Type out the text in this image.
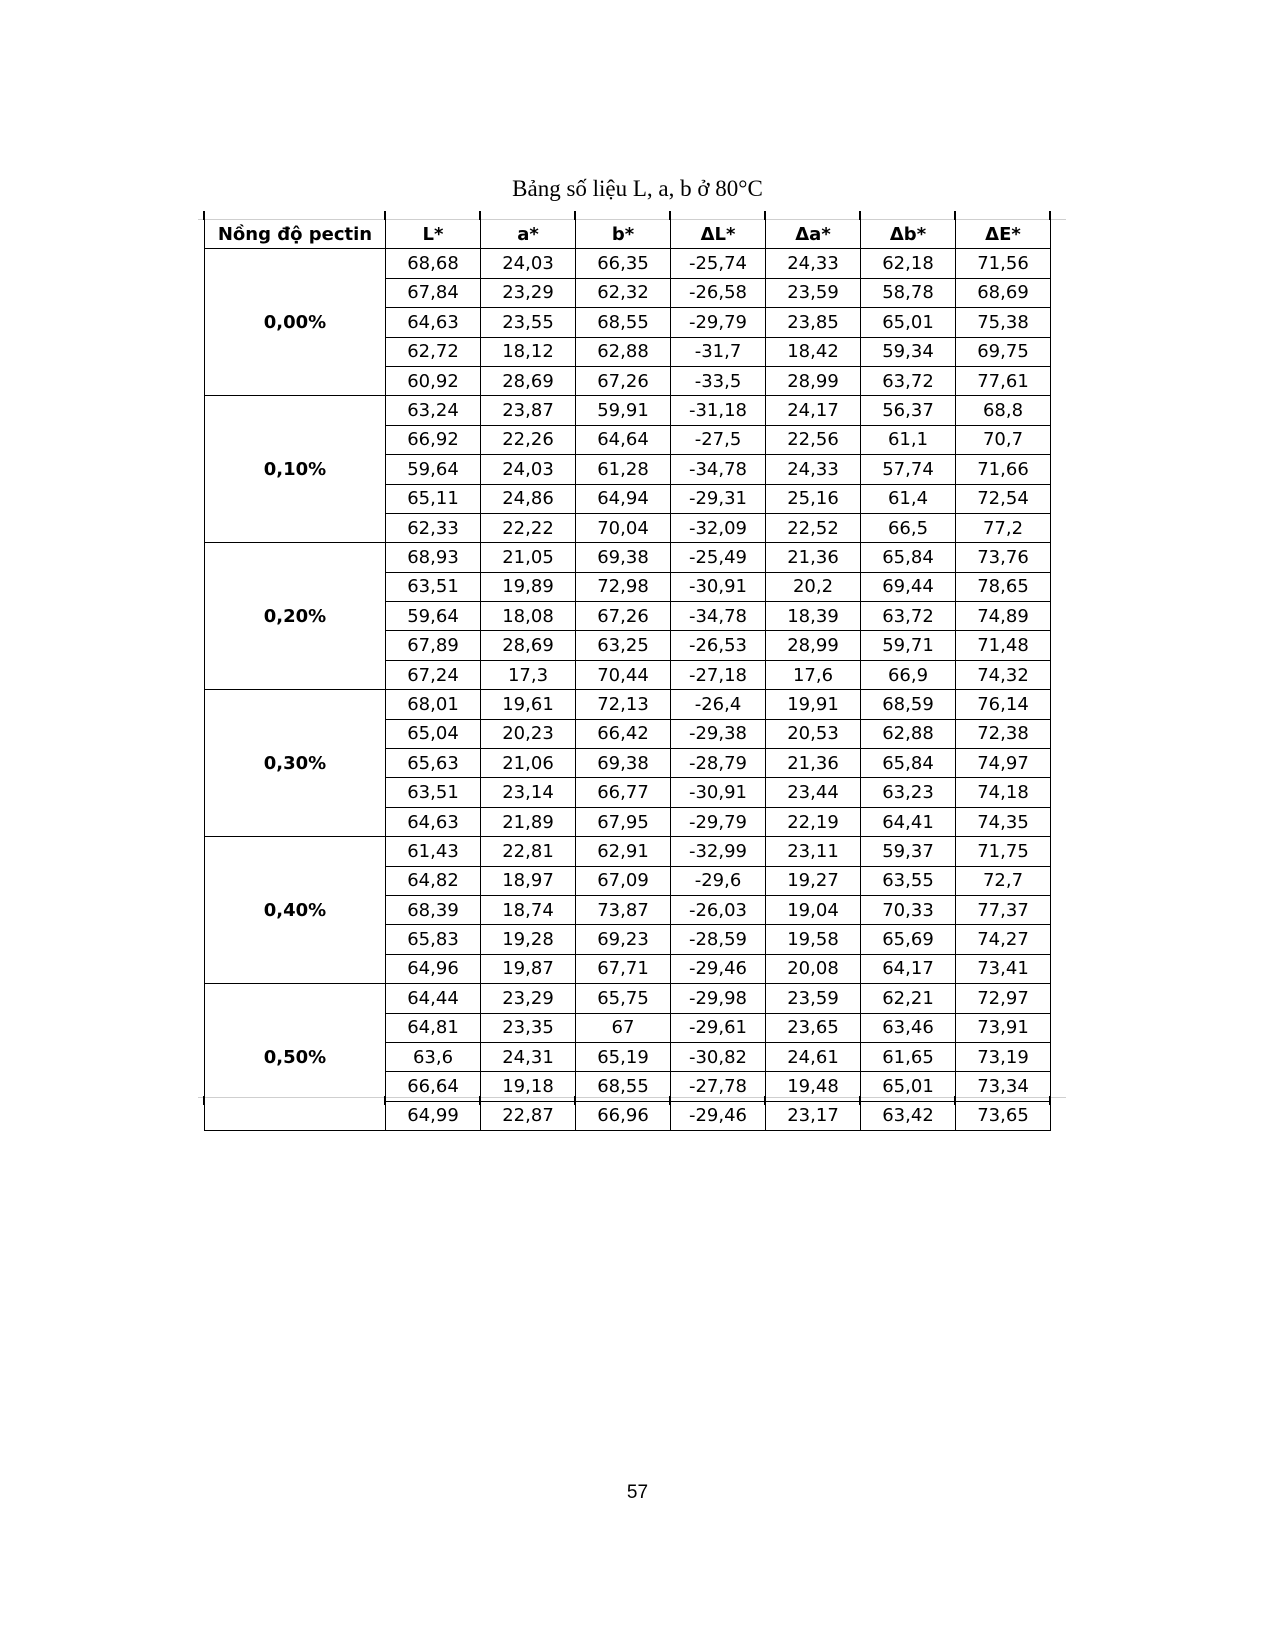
Bảng số liệu L, a, b ở 80°C
Nồng độ pectin	L*	a*	b*	ΔL*	Δa*	Δb*	ΔE*
0,00%	68,68	24,03	66,35	-25,74	24,33	62,18	71,56
	67,84	23,29	62,32	-26,58	23,59	58,78	68,69
	64,63	23,55	68,55	-29,79	23,85	65,01	75,38
	62,72	18,12	62,88	-31,7	18,42	59,34	69,75
	60,92	28,69	67,26	-33,5	28,99	63,72	77,61
0,10%	63,24	23,87	59,91	-31,18	24,17	56,37	68,8
	66,92	22,26	64,64	-27,5	22,56	61,1	70,7
	59,64	24,03	61,28	-34,78	24,33	57,74	71,66
	65,11	24,86	64,94	-29,31	25,16	61,4	72,54
	62,33	22,22	70,04	-32,09	22,52	66,5	77,2
0,20%	68,93	21,05	69,38	-25,49	21,36	65,84	73,76
	63,51	19,89	72,98	-30,91	20,2	69,44	78,65
	59,64	18,08	67,26	-34,78	18,39	63,72	74,89
	67,89	28,69	63,25	-26,53	28,99	59,71	71,48
	67,24	17,3	70,44	-27,18	17,6	66,9	74,32
0,30%	68,01	19,61	72,13	-26,4	19,91	68,59	76,14
	65,04	20,23	66,42	-29,38	20,53	62,88	72,38
	65,63	21,06	69,38	-28,79	21,36	65,84	74,97
	63,51	23,14	66,77	-30,91	23,44	63,23	74,18
	64,63	21,89	67,95	-29,79	22,19	64,41	74,35
0,40%	61,43	22,81	62,91	-32,99	23,11	59,37	71,75
	64,82	18,97	67,09	-29,6	19,27	63,55	72,7
	68,39	18,74	73,87	-26,03	19,04	70,33	77,37
	65,83	19,28	69,23	-28,59	19,58	65,69	74,27
	64,96	19,87	67,71	-29,46	20,08	64,17	73,41
0,50%	64,44	23,29	65,75	-29,98	23,59	62,21	72,97
	64,81	23,35	67	-29,61	23,65	63,46	73,91
	63,6	24,31	65,19	-30,82	24,61	61,65	73,19
	66,64	19,18	68,55	-27,78	19,48	65,01	73,34
	64,99	22,87	66,96	-29,46	23,17	63,42	73,65
57
